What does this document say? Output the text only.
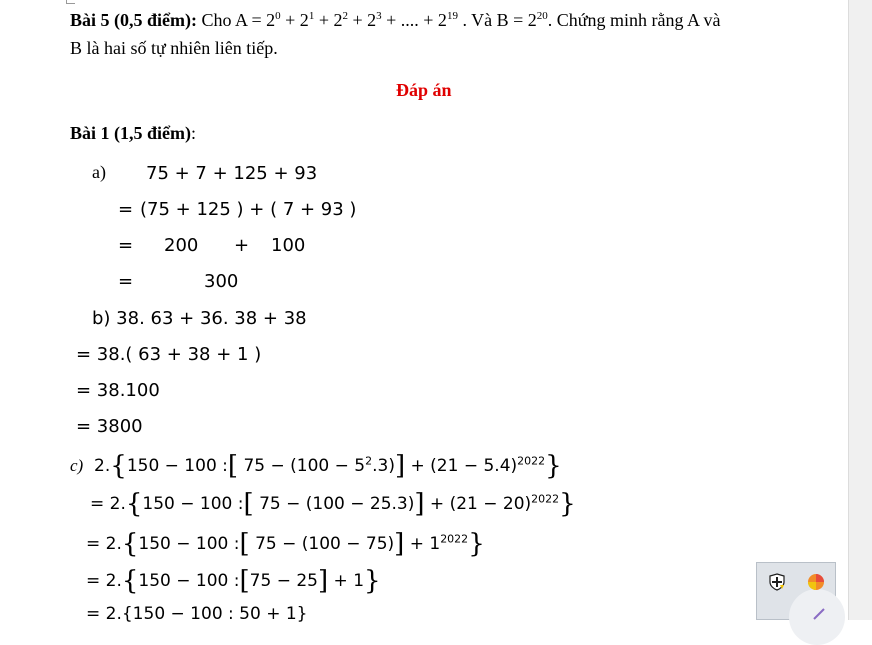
Bài 5 (0,5 điểm): Cho $A = 2^0 + 2^1 + 2^2 + 2^3$ + .... + $2^{19}$ . Và $B = 2^{20}$. Chứng minh rằng A và
B là hai số tự nhiên liên tiếp.
Đáp án
Bài 1 (1,5 điểm):
a) 75 + 7 + 125 + 93
= (75 + 125 ) + ( 7 + 93 )
= 200 + 100
=	300
b) 38. 63 + 36. 38 + 38
= 38.( 63 + 38 + 1 )
= 38.100
= 3800
c) 2.{150 − 100 :[ $75 - (100 - 5^2.3)] + (21 - 5.4)^{2022}$}
= 2.{150 − 100 :[ $75 - (100 - 25.3)] + (21 - 20)^{2022}$}
= 2.{150 − 100 :[ $75 - (100 - 75)] + 1^{2022}$}
= 2.{150 − 100 :[75 − 25] + 1}
= 2.{150 − 100 : 50 + 1}
